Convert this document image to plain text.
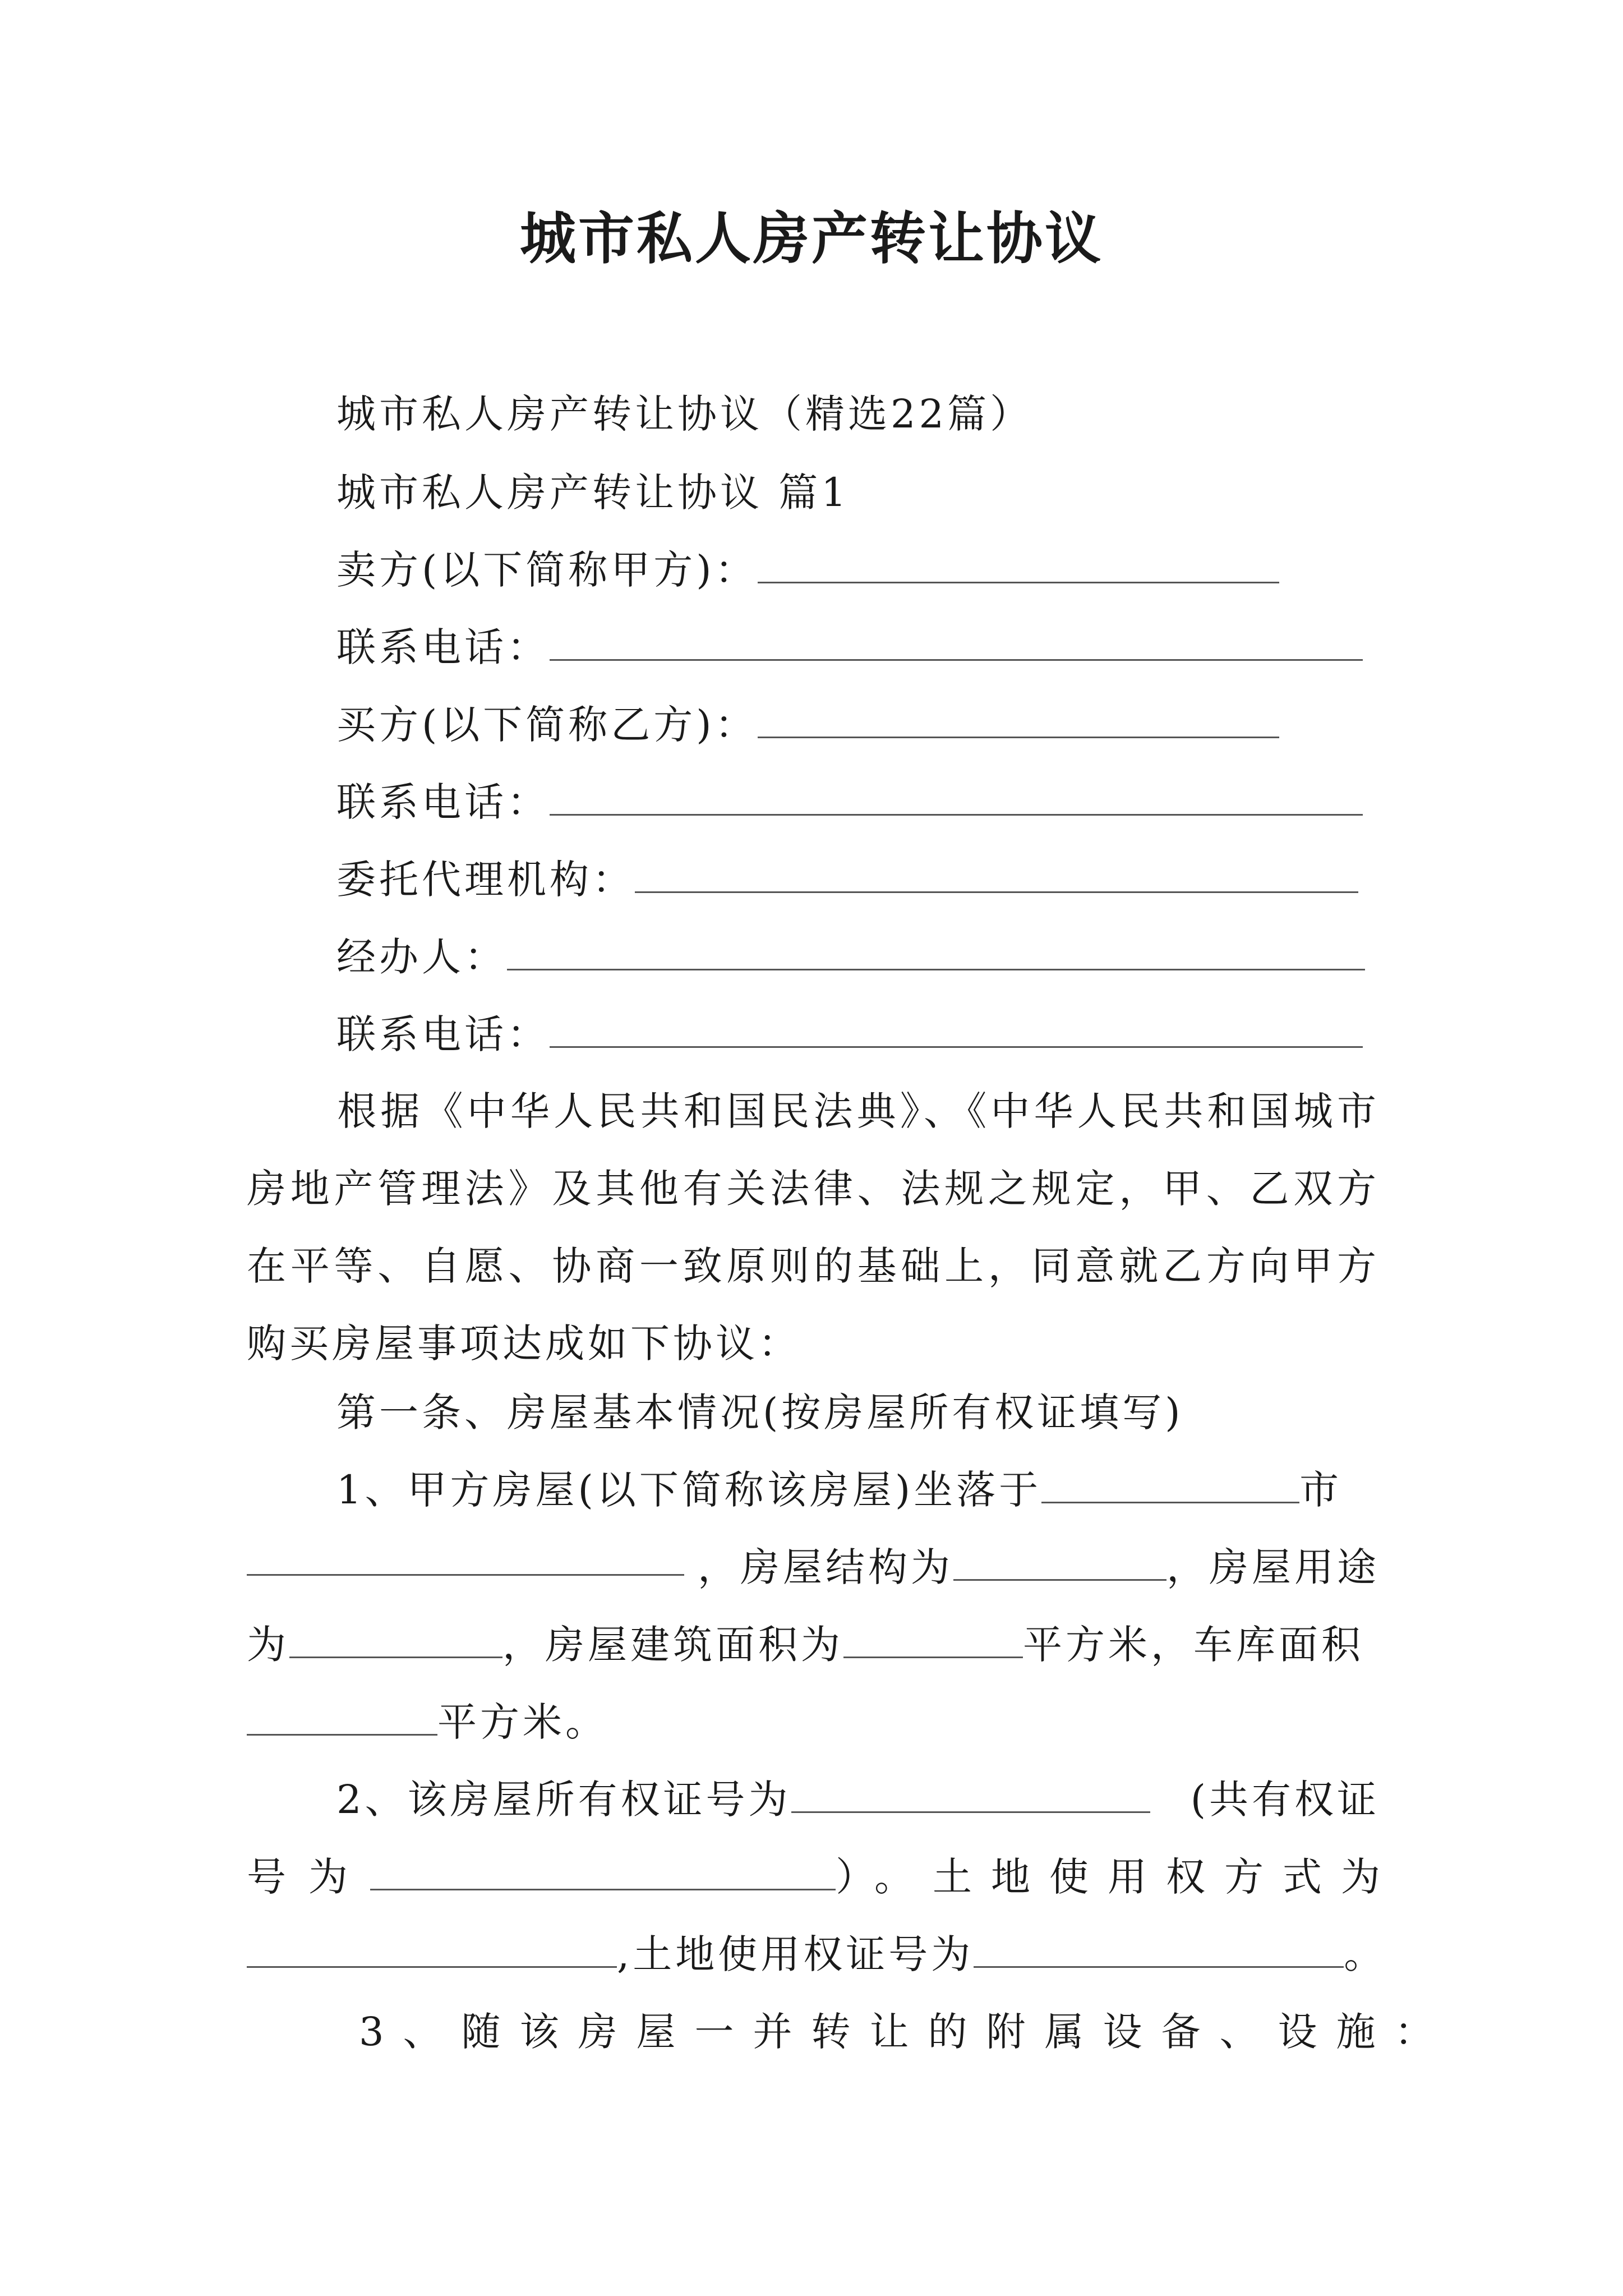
城市私人房产转让协议
城市私人房产转让协议（精选22篇）
城市私人房产转让协议 篇1
卖方(以下简称甲方)：
联系电话：
买方(以下简称乙方)：
联系电话：
委托代理机构：
经办人：
联系电话：
根据《中华人民共和国民法典》、《中华人民共和国城市房地产管理法》及其他有关法律、法规之规定，甲、乙双方在平等、自愿、协商一致原则的基础上，同意就乙方向甲方购买房屋事项达成如下协议：
第一条、房屋基本情况(按房屋所有权证填写)
1、甲方房屋(以下简称该房屋)坐落于	市
，房屋结构为	，房屋用途
为	，房屋建筑面积为	平方米，车库面积
平方米。
2、该房屋所有权证号为	(共有权证
号为	）。土地使用权方式为
,土地使用权证号为	。
3、随该房屋一并转让的附属设备、设施：
